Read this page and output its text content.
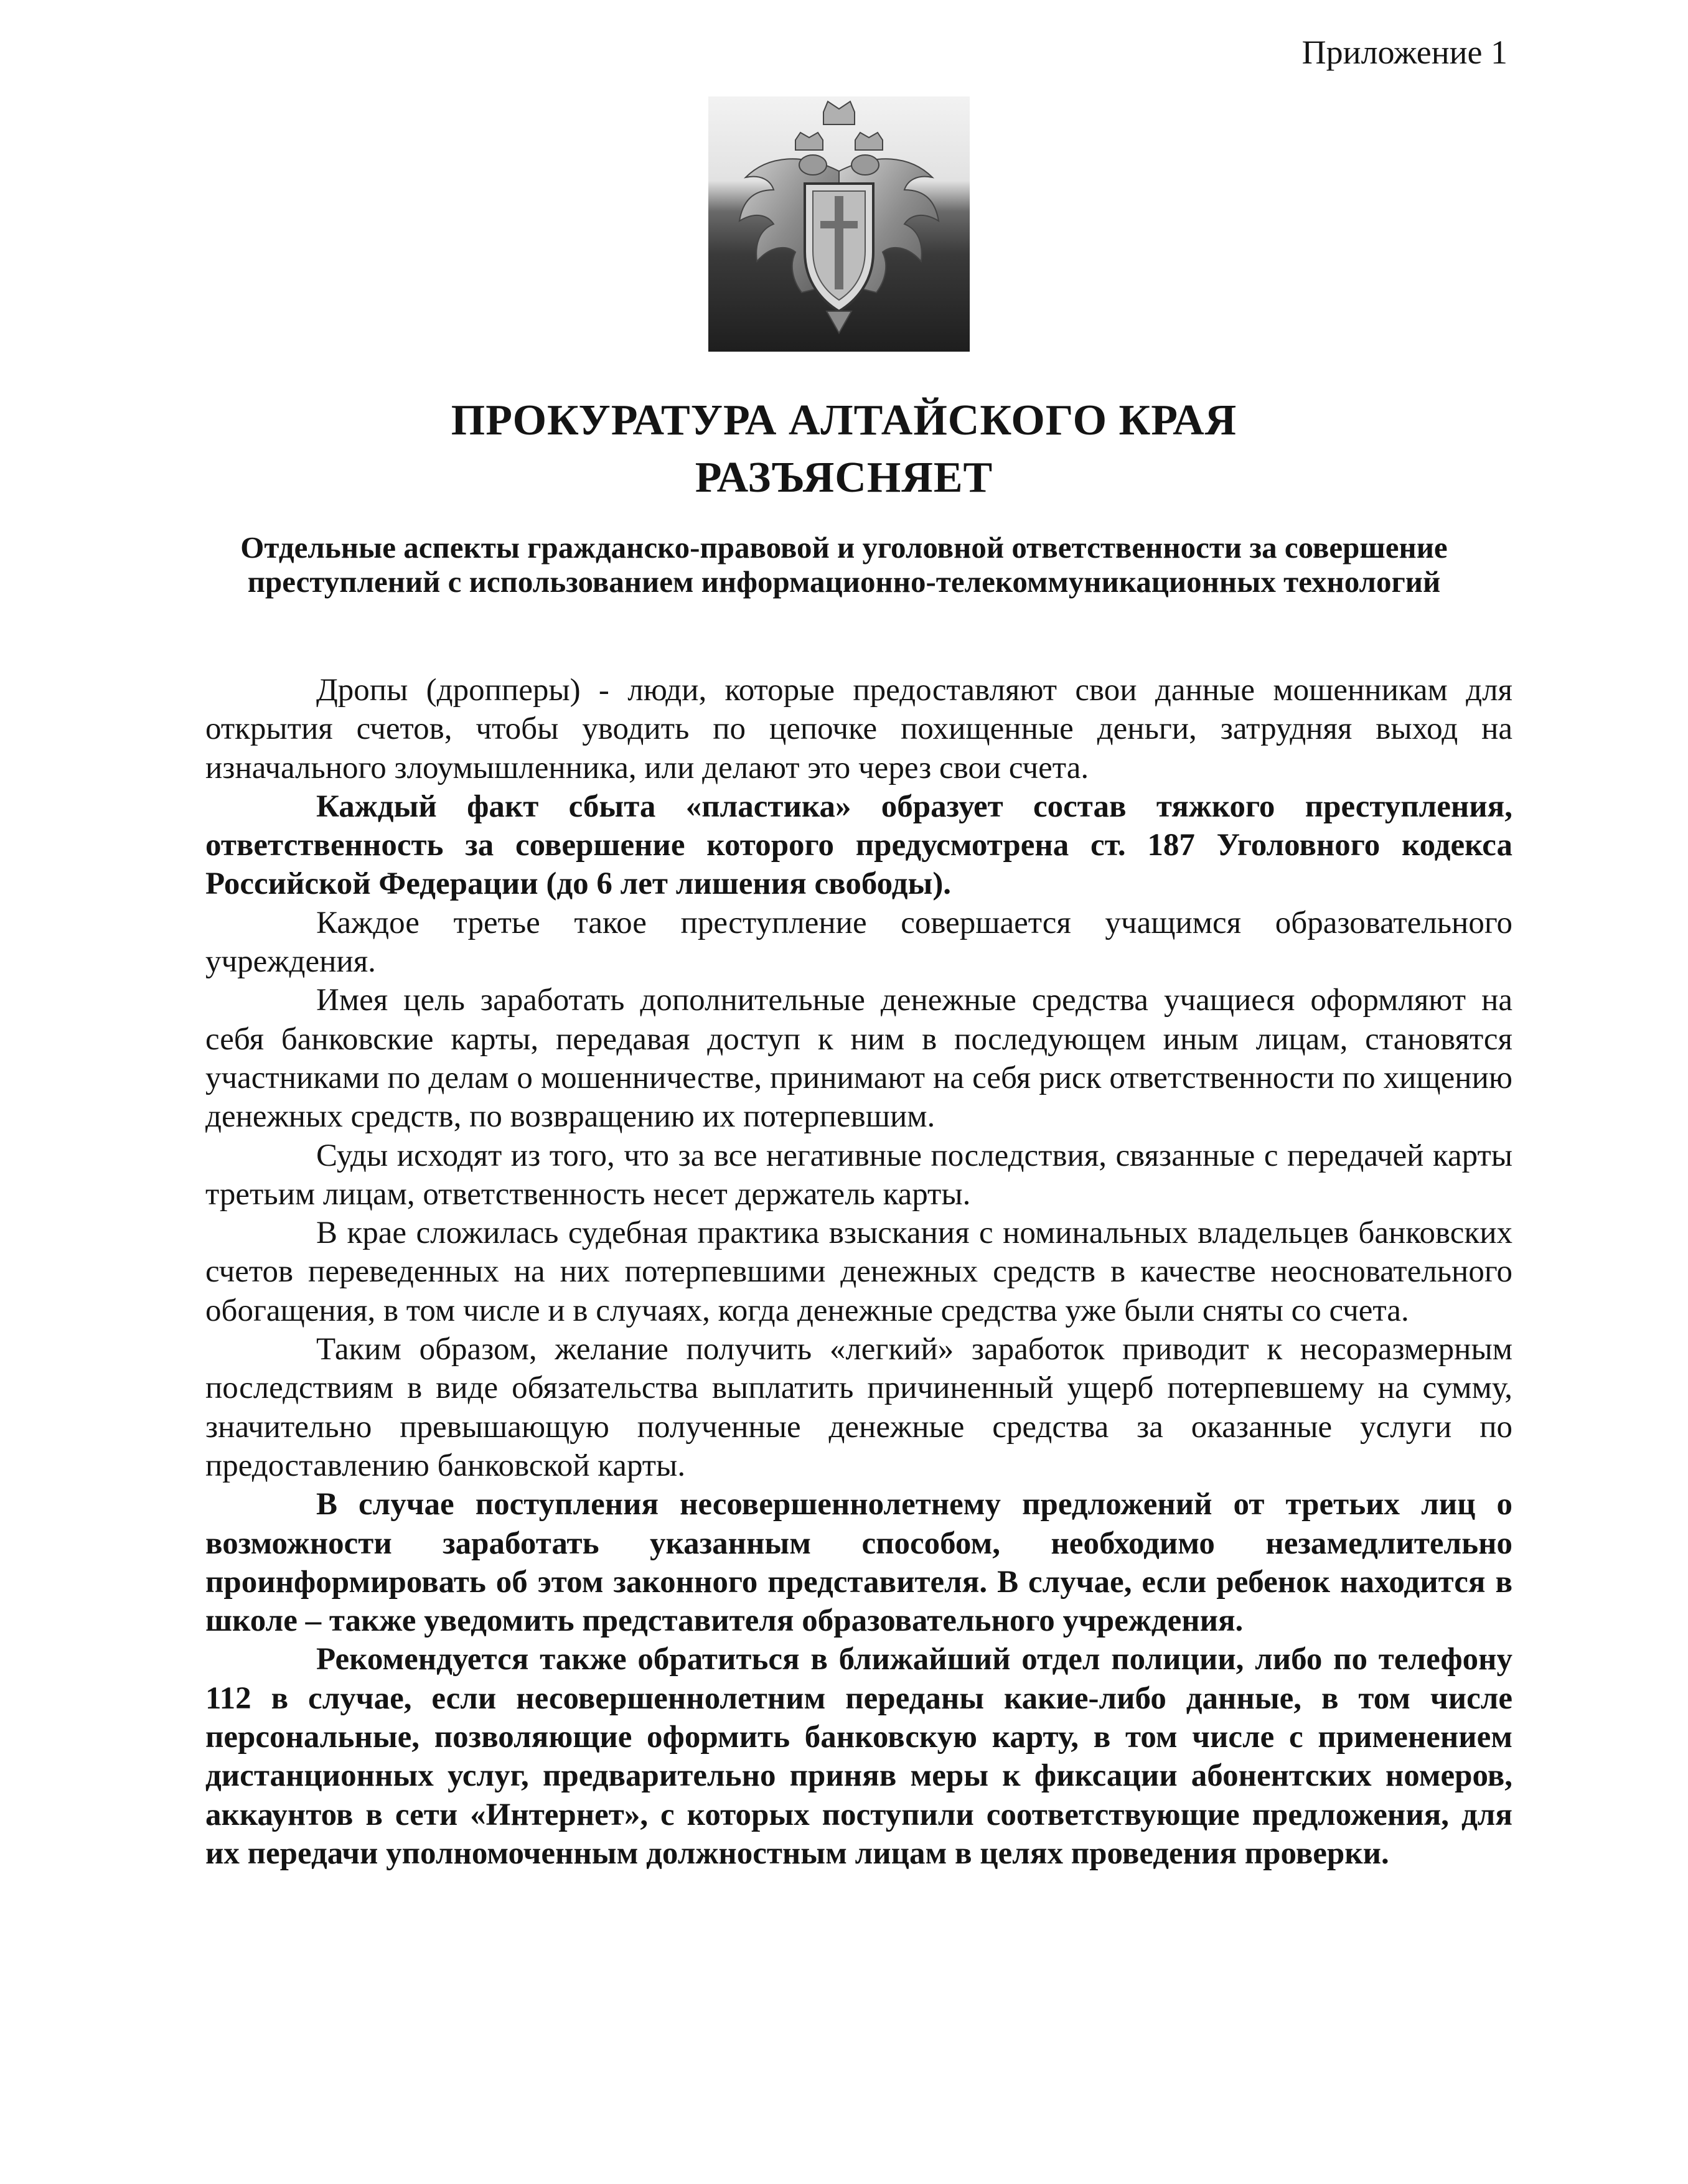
Приложение 1
ПРОКУРАТУРА АЛТАЙСКОГО КРАЯ
РАЗЪЯСНЯЕТ
Отдельные аспекты гражданско-правовой и уголовной ответственности за совершение преступлений с использованием информационно-телекоммуникационных технологий

Дропы (дропперы) - люди, которые предоставляют свои данные мошенникам для открытия счетов, чтобы уводить по цепочке похищенные деньги, затрудняя выход на изначального злоумышленника, или делают это через свои счета.

Каждый факт сбыта «пластика» образует состав тяжкого преступления, ответственность за совершение которого предусмотрена ст. 187 Уголовного кодекса Российской Федерации (до 6 лет лишения свободы).

Каждое третье такое преступление совершается учащимся образовательного учреждения.

Имея цель заработать дополнительные денежные средства учащиеся оформляют на себя банковские карты, передавая доступ к ним в последующем иным лицам, становятся участниками по делам о мошенничестве, принимают на себя риск ответственности по хищению денежных средств, по возвращению их потерпевшим.

Суды исходят из того, что за все негативные последствия, связанные с передачей карты третьим лицам, ответственность несет держатель карты.

В крае сложилась судебная практика взыскания с номинальных владельцев банковских счетов переведенных на них потерпевшими денежных средств в качестве неосновательного обогащения, в том числе и в случаях, когда денежные средства уже были сняты со счета.

Таким образом, желание получить «легкий» заработок приводит к несоразмерным последствиям в виде обязательства выплатить причиненный ущерб потерпевшему на сумму, значительно превышающую полученные денежные средства за оказанные услуги по предоставлению банковской карты.

В случае поступления несовершеннолетнему предложений от третьих лиц о возможности заработать указанным способом, необходимо незамедлительно проинформировать об этом законного представителя. В случае, если ребенок находится в школе – также уведомить представителя образовательного учреждения.

Рекомендуется также обратиться в ближайший отдел полиции, либо по телефону 112 в случае, если несовершеннолетним переданы какие-либо данные, в том числе персональные, позволяющие оформить банковскую карту, в том числе с применением дистанционных услуг, предварительно приняв меры к фиксации абонентских номеров, аккаунтов в сети «Интернет», с которых поступили соответствующие предложения, для их передачи уполномоченным должностным лицам в целях проведения проверки.
